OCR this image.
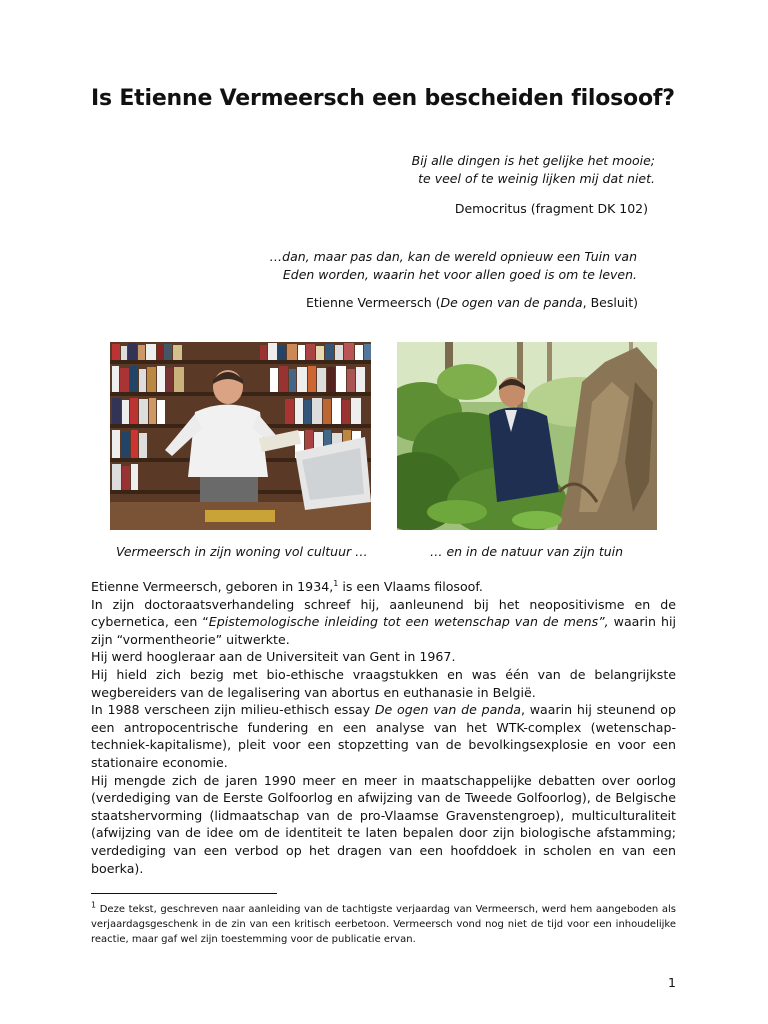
Is Etienne Vermeersch een bescheiden filosoof?
Bij alle dingen is het gelijke het mooie;
te veel of te weinig lijken mij dat niet.
Democritus (fragment DK 102)
…dan, maar pas dan, kan de wereld opnieuw een Tuin van
Eden worden, waarin het voor allen goed is om te leven.
Etienne Vermeersch (De ogen van de panda, Besluit)
Vermeersch in zijn woning vol cultuur …	… en in de natuur van zijn tuin

Etienne Vermeersch, geboren in 1934,$^1$ is een Vlaams filosoof.

In zijn doctoraatsverhandeling schreef hij, aanleunend bij het neopositivisme en de cybernetica, een “Epistemologische inleiding tot een wetenschap van de mens”, waarin hij zijn “vormentheorie” uitwerkte.

Hij werd hoogleraar aan de Universiteit van Gent in 1967.

Hij hield zich bezig met bio-ethische vraagstukken en was één van de belangrijkste wegbereiders van de legalisering van abortus en euthanasie in België.

In 1988 verscheen zijn milieu-ethisch essay De ogen van de panda, waarin hij steunend op een antropocentrische fundering en een analyse van het WTK-complex (wetenschap-techniek-kapitalisme), pleit voor een stopzetting van de bevolkingsexplosie en voor een stationaire economie.

Hij mengde zich de jaren 1990 meer en meer in maatschappelijke debatten over oorlog (verdediging van de Eerste Golfoorlog en afwijzing van de Tweede Golfoorlog), de Belgische staatshervorming (lidmaatschap van de pro-Vlaamse Gravenstengroep), multiculturaliteit (afwijzing van de idee om de identiteit te laten bepalen door zijn biologische afstamming; verdediging van een verbod op het dragen van een hoofddoek in scholen en van een boerka).

$^1$ Deze tekst, geschreven naar aanleiding van de tachtigste verjaardag van Vermeersch, werd hem aangeboden als verjaardagsgeschenk in de zin van een kritisch eerbetoon. Vermeersch vond nog niet de tijd voor een inhoudelijke reactie, maar gaf wel zijn toestemming voor de publicatie ervan.
1
